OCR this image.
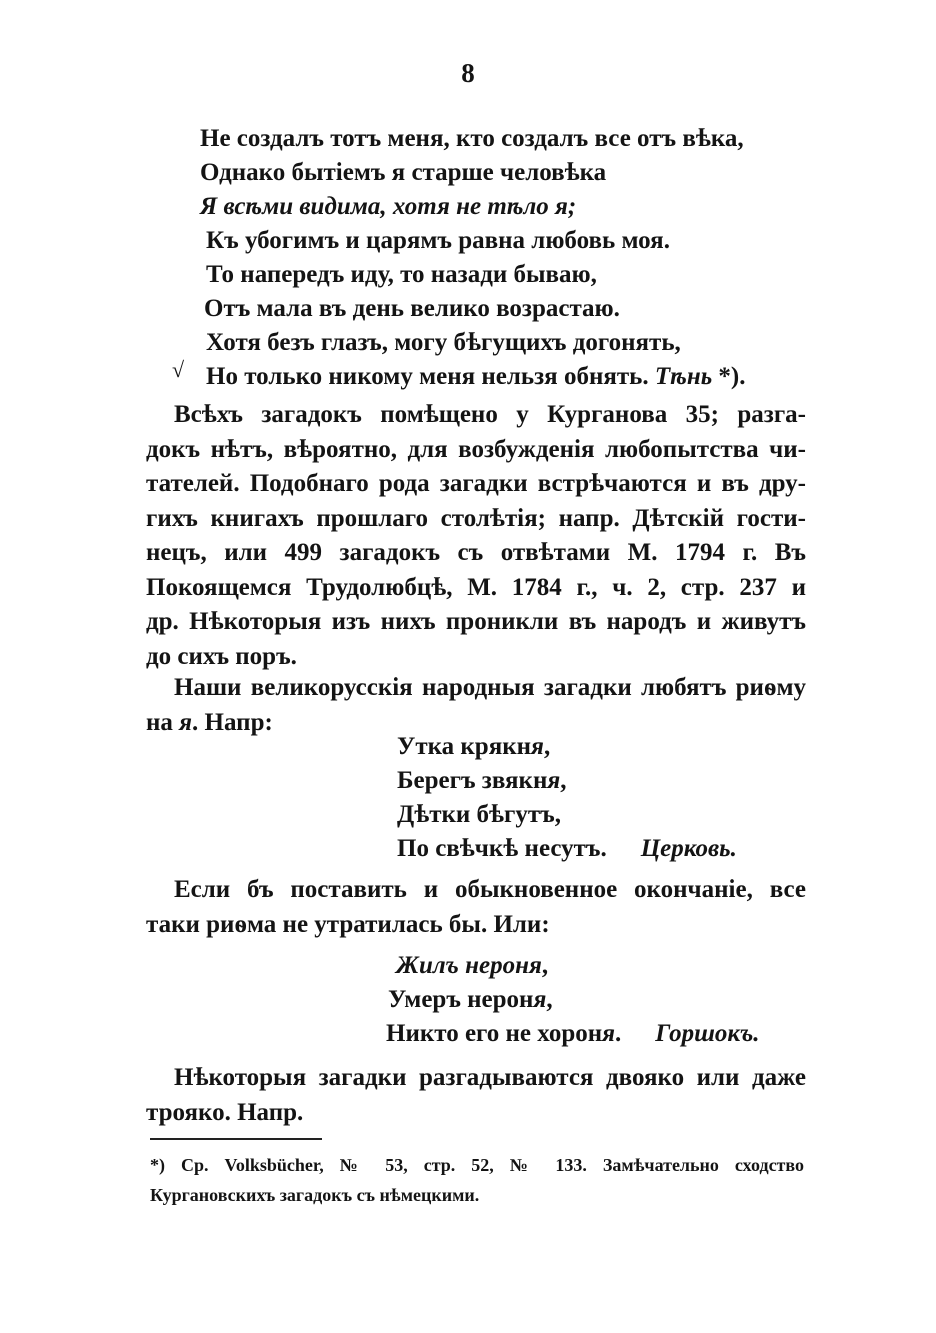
8
Не создалъ тотъ меня, кто создалъ все отъ вѣка,
Однако бытіемъ я старше человѣка
Я всѣми видима, хотя не тѣло я;
Къ убогимъ и царямъ равна любовь моя.
То напередъ иду, то назади бываю,
Отъ мала въ день велико возрастаю.
Хотя безъ глазъ, могу бѣгущихъ догонять,
Но только никому меня нельзя обнять. Тѣнь *).
√
Всѣхъ загадокъ помѣщено у Курганова 35; разга-
докъ нѣтъ, вѣроятно, для возбужденія любопытства чи-
тателей. Подобнаго рода загадки встрѣчаются и въ дру-
гихъ книгахъ прошлаго столѣтія; напр. Дѣтскій гости-
нецъ, или 499 загадокъ съ отвѣтами М. 1794 г. Въ
Покоящемся Трудолюбцѣ, М. 1784 г., ч. 2, стр. 237 и
др. Нѣкоторыя изъ нихъ проникли въ народъ и живутъ
до сихъ поръ.
Наши великорусскія народныя загадки любятъ риѳму
на я. Напр:
Утка крякня,
Берегъ звякня,
Дѣтки бѣгутъ,
По свѣчкѣ несутъ. Церковь.
Если бъ поставить и обыкновенное окончаніе, все
таки риѳма не утратилась бы. Или:
Жилъ нероня,
Умеръ нероня,
Никто его не хороня. Горшокъ.
Нѣкоторыя загадки разгадываются двояко или даже
трояко. Напр.
*) Ср. Volksbücher, № 53, стр. 52, № 133. Замѣчательно сходство
Кургановскихъ загадокъ съ нѣмецкими.
